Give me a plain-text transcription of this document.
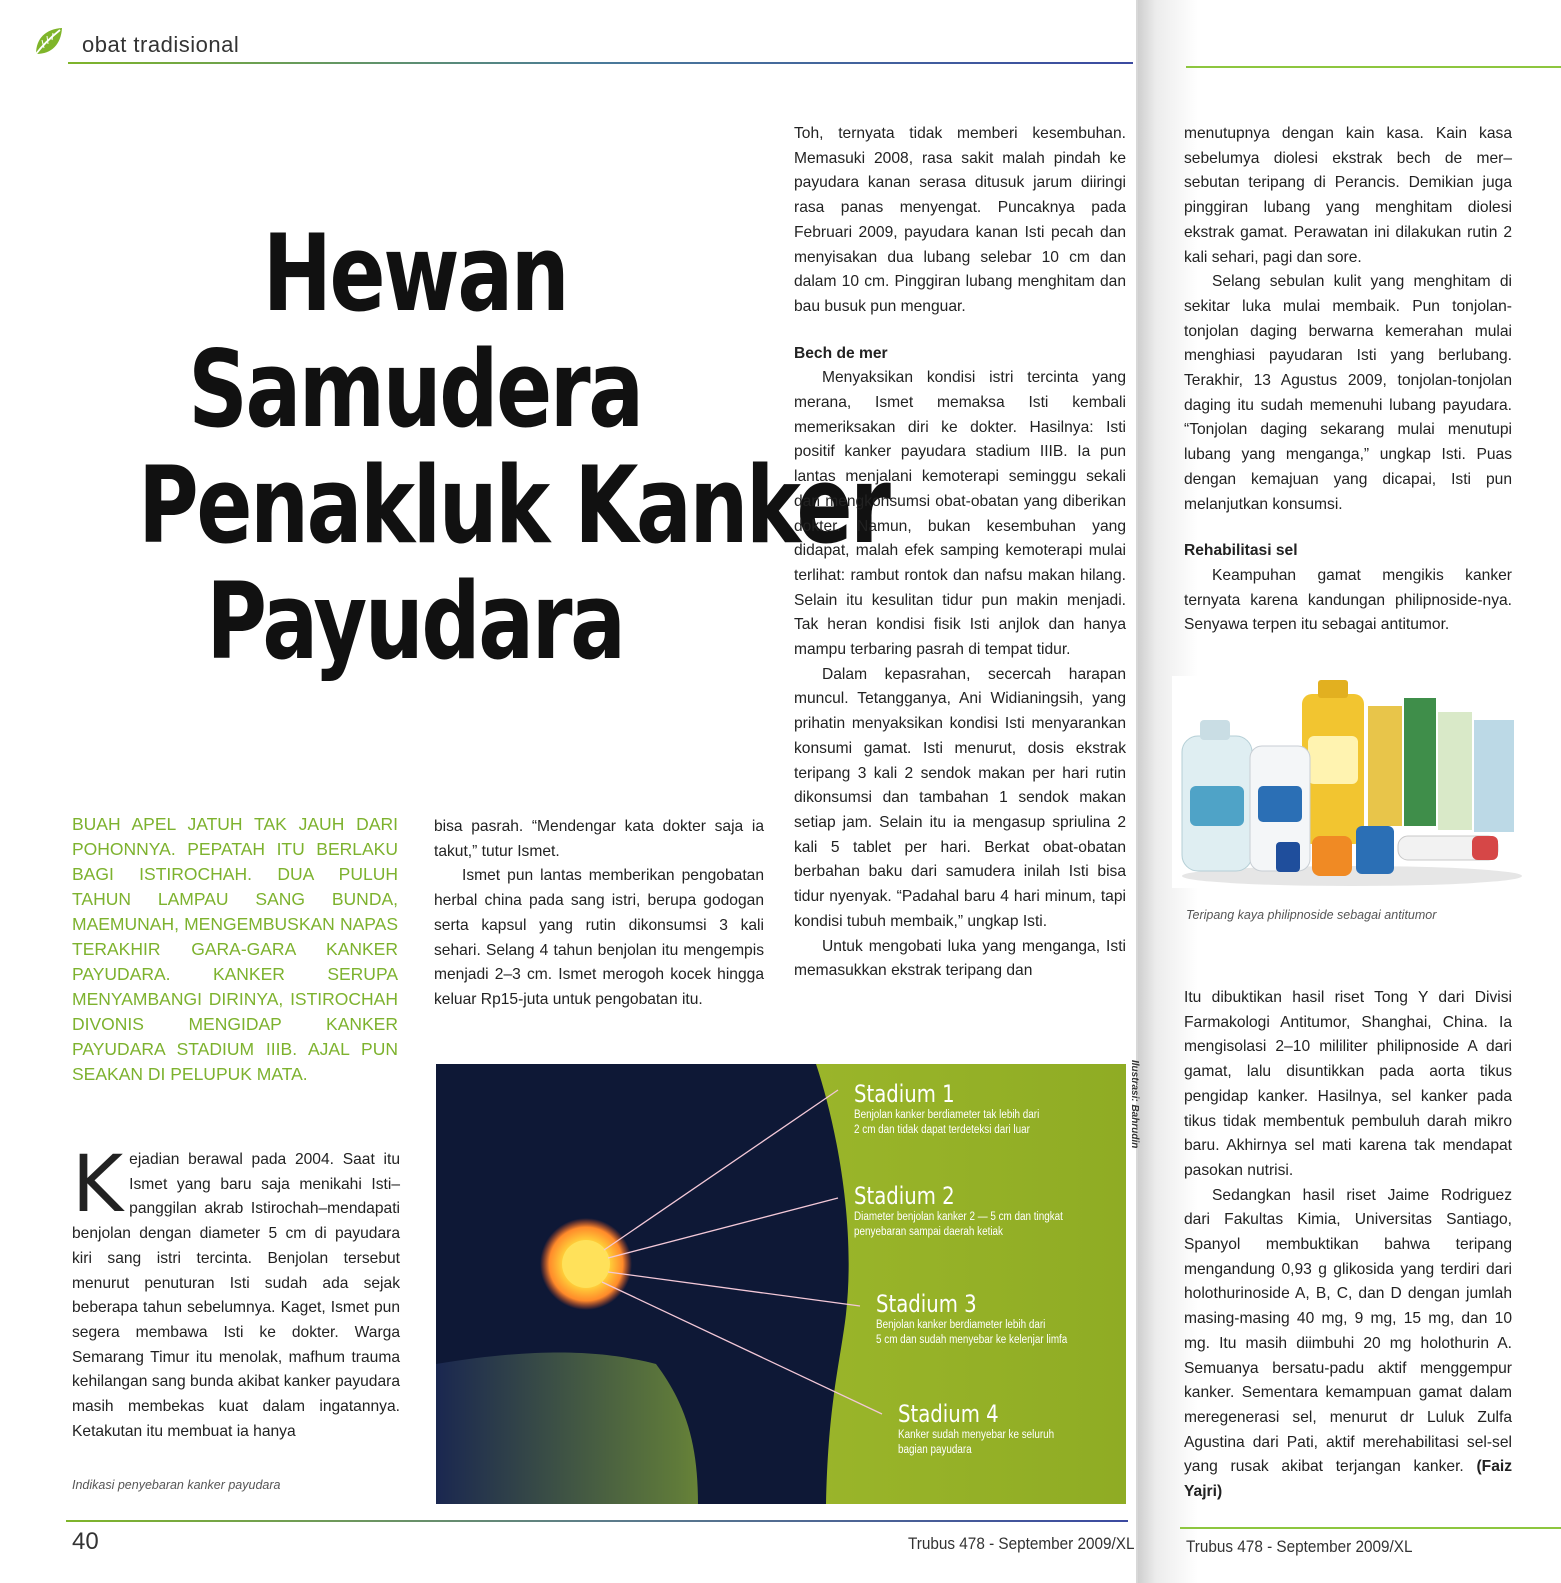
obat tradisional
Hewan
Samudera
Penakluk Kanker
Payudara
BUAH APEL JATUH TAK JAUH DARI POHONNYA. PEPATAH ITU BERLAKU BAGI ISTIROCHAH. DUA PULUH TAHUN LAMPAU SANG BUNDA, MAEMUNAH, MENGEMBUSKAN NAPAS TERAKHIR GARA-GARA KANKER PAYUDARA. KANKER SERUPA MENYAMBANGI DIRINYA, ISTIROCHAH DIVONIS MENGIDAP KANKER PAYUDARA STADIUM IIIB. AJAL PUN SEAKAN DI PELUPUK MATA.

Kejadian berawal pada 2004. Saat itu Ismet yang baru saja menikahi Isti–panggilan akrab Istirochah–mendapati benjolan dengan diameter 5 cm di payudara kiri sang istri tercinta. Benjolan tersebut menurut penuturan Isti sudah ada sejak beberapa tahun sebelumnya. Kaget, Ismet pun segera membawa Isti ke dokter. Warga Semarang Timur itu menolak, mafhum trauma kehilangan sang bunda akibat kanker payudara masih membekas kuat dalam ingatannya. Ketakutan itu membuat ia hanya

bisa pasrah. “Mendengar kata dokter saja ia takut,” tutur Ismet.

Ismet pun lantas memberikan pengobatan herbal china pada sang istri, berupa godogan serta kapsul yang rutin dikonsumsi 3 kali sehari. Selang 4 tahun benjolan itu mengempis menjadi 2–3 cm. Ismet merogoh kocek hingga keluar Rp15-juta untuk pengobatan itu.

Toh, ternyata tidak memberi kesembuhan. Memasuki 2008, rasa sakit malah pindah ke payudara kanan serasa ditusuk jarum diiringi rasa panas menyengat. Puncaknya pada Februari 2009, payudara kanan Isti pecah dan menyisakan dua lubang selebar 10 cm dan dalam 10 cm. Pinggiran lubang menghitam dan bau busuk pun menguar.

Bech de mer

Menyaksikan kondisi istri tercinta yang merana, Ismet memaksa Isti kembali memeriksakan diri ke dokter. Hasilnya: Isti positif kanker payudara stadium IIIB. Ia pun lantas menjalani kemoterapi seminggu sekali dan mengkonsumsi obat-obatan yang diberikan dokter. Namun, bukan kesembuhan yang didapat, malah efek samping kemoterapi mulai terlihat: rambut rontok dan nafsu makan hilang. Selain itu kesulitan tidur pun makin menjadi. Tak heran kondisi fisik Isti anjlok dan hanya mampu terbaring pasrah di tempat tidur.

Dalam kepasrahan, secercah harapan muncul. Tetangganya, Ani Widianingsih, yang prihatin menyaksikan kondisi Isti menyarankan konsumi gamat. Isti menurut, dosis ekstrak teripang 3 kali 2 sendok makan per hari rutin dikonsumsi dan tambahan 1 sendok makan setiap jam. Selain itu ia mengasup spriulina 2 kali 5 tablet per hari. Berkat obat-obatan berbahan baku dari samudera inilah Isti bisa tidur nyenyak. “Padahal baru 4 hari minum, tapi kondisi tubuh membaik,” ungkap Isti.

Untuk mengobati luka yang menganga, Isti memasukkan ekstrak teripang dan

menutupnya dengan kain kasa. Kain kasa sebelumya diolesi ekstrak bech de mer–sebutan teripang di Perancis. Demikian juga pinggiran lubang yang menghitam diolesi ekstrak gamat. Perawatan ini dilakukan rutin 2 kali sehari, pagi dan sore.

Selang sebulan kulit yang menghitam di sekitar luka mulai membaik. Pun tonjolan-tonjolan daging berwarna kemerahan mulai menghiasi payudaran Isti yang berlubang. Terakhir, 13 Agustus 2009, tonjolan-tonjolan daging itu sudah memenuhi lubang payudara. “Tonjolan daging sekarang mulai menutupi lubang yang menganga,” ungkap Isti. Puas dengan kemajuan yang dicapai, Isti pun melanjutkan konsumsi.

Rehabilitasi sel

Keampuhan gamat mengikis kanker ternyata karena kandungan philipnoside-nya. Senyawa terpen itu sebagai antitumor.

Teripang kaya philipnoside sebagai antitumor

Itu dibuktikan hasil riset Tong Y dari Divisi Farmakologi Antitumor, Shanghai, China. Ia mengisolasi 2–10 mililiter philipnoside A dari gamat, lalu disuntikkan pada aorta tikus pengidap kanker. Hasilnya, sel kanker pada tikus tidak membentuk pembuluh darah mikro baru. Akhirnya sel mati karena tak mendapat pasokan nutrisi.

Sedangkan hasil riset Jaime Rodriguez dari Fakultas Kimia, Universitas Santiago, Spanyol membuktikan bahwa teripang mengandung 0,93 g glikosida yang terdiri dari holothurinoside A, B, C, dan D dengan jumlah masing-masing 40 mg, 9 mg, 15 mg, dan 10 mg. Itu masih diimbuhi 20 mg holothurin A. Semuanya bersatu-padu aktif menggempur kanker. Sementara kemampuan gamat dalam meregenerasi sel, menurut dr Luluk Zulfa Agustina dari Pati, aktif merehabilitasi sel-sel yang rusak akibat terjangan kanker. (Faiz Yajri)

Stadium 1
Benjolan kanker berdiameter tak lebih dari
2 cm dan tidak dapat terdeteksi dari luar
Stadium 2
Diameter benjolan kanker 2 — 5 cm dan tingkat
penyebaran sampai daerah ketiak
Stadium 3
Benjolan kanker berdiameter lebih dari
5 cm dan sudah menyebar ke kelenjar limfa
Stadium 4
Kanker sudah menyebar ke seluruh
bagian payudara
Ilustrasi: Bahrudin
Indikasi penyebaran kanker payudara
40	Trubus 478 - September 2009/XL	Trubus 478 - September 2009/XL
